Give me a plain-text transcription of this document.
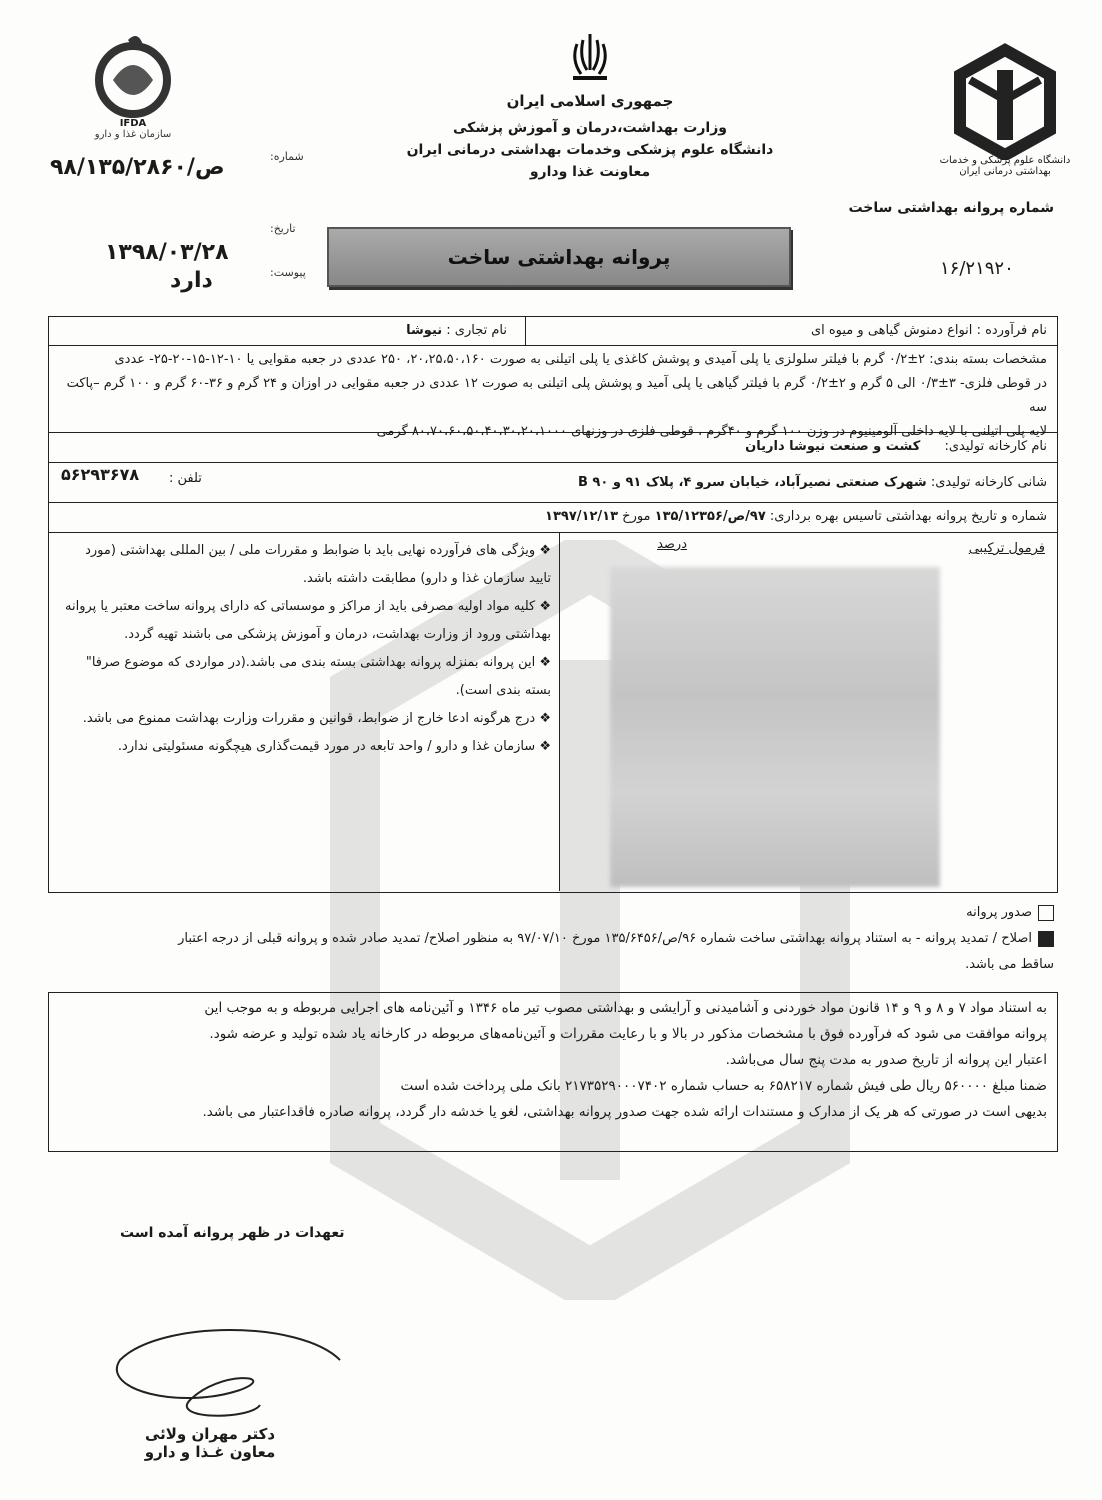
IFDA
سازمان غذا و دارو
جمهوری اسلامی ایران
وزارت بهداشت،درمان و آموزش پزشکی
دانشگاه علوم پزشکی وخدمات بهداشتی درمانی ایران
معاونت غذا ودارو
دانشگاه علوم پزشکی و خدمات بهداشتی درمانی ایران
شماره پروانه بهداشتی ساخت
۱۶/۲۱۹۲۰
شماره:
۹۸/ص/۱۳۵/۲۸۶۰
تاریخ:
۱۳۹۸/۰۳/۲۸
پیوست:
دارد
پروانه بهداشتی ساخت
نام فرآورده : انواع دمنوش گیاهی و میوه ای
نام تجاری : نیوشا
مشخصات بسته بندی: ۲±۰/۲ گرم با فیلتر سلولزی یا پلی آمیدی و پوشش کاغذی یا پلی اتیلنی به صورت ۲۰،۲۵،۵۰،۱۶۰، ۲۵۰ عددی در جعبه مقوایی یا ۱۰-۱۲-۱۵-۲۰-۲۵- عددی
در قوطی فلزی- ۳±۰/۳ الی ۵ گرم و ۲±۰/۲ گرم با فیلتر گیاهی یا پلی آمید و پوشش پلی اتیلنی به صورت ۱۲ عددی در جعبه مقوایی در اوزان و ۲۴ گرم و ۳۶-۶۰ گرم و ۱۰۰ گرم –پاکت سه
لایه پلی اتیلنی با لایه داخلی آلومینیوم در وزن ۱۰۰ گرم و ۴۰گرم ، قوطی فلزی در وزنهای ۸۰،۷۰،۶۰،۵۰،۴۰،۳۰،۲۰،۱۰۰۰ گرمی
نام کارخانه تولیدی: کشت و صنعت نیوشا داریان
شانی کارخانه تولیدی: شهرک صنعتی نصیرآباد، خیابان سرو ۴، پلاک ۹۱ و B ۹۰
تلفن :
۵۶۲۹۳۶۷۸
شماره و تاریخ پروانه بهداشتی تاسیس بهره برداری: ۹۷/ص/۱۳۵/۱۲۳۵۶ مورخ ۱۳۹۷/۱۲/۱۳
فرمول ترکیبی
درصد

❖ ویژگی های فرآورده نهایی باید با ضوابط و مقررات ملی / بین المللی بهداشتی (مورد تایید سازمان غذا و دارو) مطابقت داشته باشد.

❖ کلیه مواد اولیه مصرفی باید از مراکز و موسساتی که دارای پروانه ساخت معتبر یا پروانه بهداشتی ورود از وزارت بهداشت، درمان و آموزش پزشکی می باشند تهیه گردد.

❖ این پروانه بمنزله پروانه بهداشتی بسته بندی می باشد.(در مواردی که موضوع صرفا" بسته بندی است).

❖ درج هرگونه ادعا خارج از ضوابط، قوانین و مقررات وزارت بهداشت ممنوع می باشد.

❖ سازمان غذا و دارو / واحد تابعه در مورد قیمت‌گذاری هیچگونه مسئولیتی ندارد.

صدور پروانه
اصلاح / تمدید پروانه - به استناد پروانه بهداشتی ساخت شماره ۹۶/ص/۱۳۵/۶۴۵۶ مورخ ۹۷/۰۷/۱۰ به منظور اصلاح/ تمدید صادر شده و پروانه قبلی از درجه اعتبار
ساقط می باشد.

به استناد مواد ۷ و ۸ و ۹ و ۱۴ قانون مواد خوردنی و آشامیدنی و آرایشی و بهداشتی مصوب تیر ماه ۱۳۴۶ و آئین‌نامه های اجرایی مربوطه و به موجب این

پروانه موافقت می شود که فرآورده فوق با مشخصات مذکور در بالا و با رعایت مقررات و آئین‌نامه‌های مربوطه در کارخانه یاد شده تولید و عرضه شود.

اعتبار این پروانه از تاریخ صدور به مدت پنج سال می‌باشد.

ضمنا مبلغ ۵۶۰۰۰۰ ریال طی فیش شماره ۶۵۸۲۱۷ به حساب شماره ۲۱۷۳۵۲۹۰۰۰۷۴۰۲ بانک ملی پرداخت شده است

بدیهی است در صورتی که هر یک از مدارک و مستندات ارائه شده جهت صدور پروانه بهداشتی، لغو یا خدشه دار گردد، پروانه صادره فاقداعتبار می باشد.

تعهدات در ظهر پروانه آمده است
دکتر مهران ولائی
معاون غـذا و دارو
